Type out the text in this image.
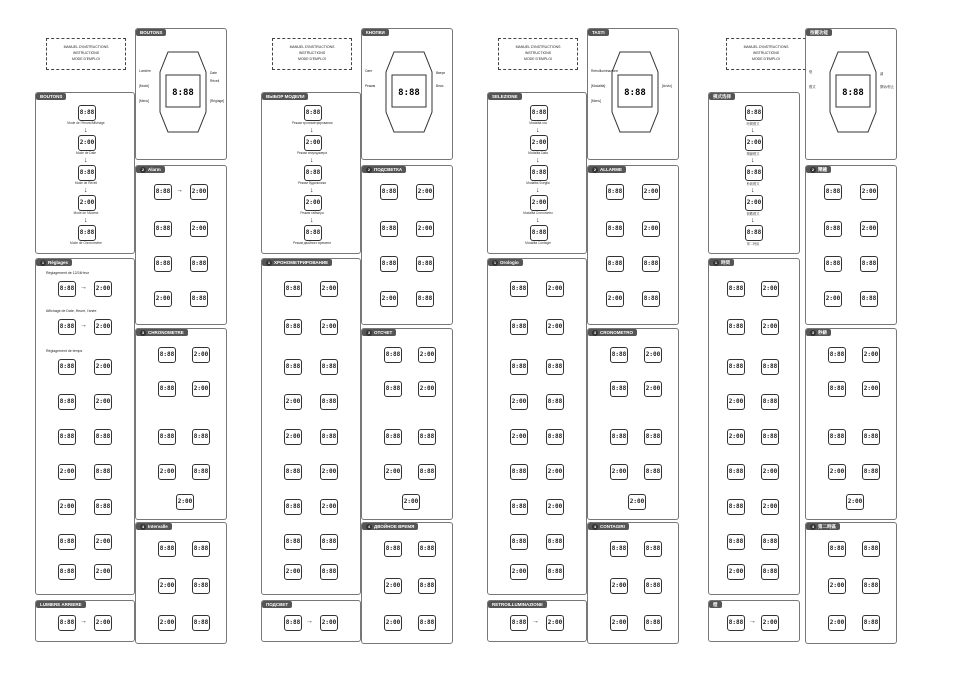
MANUEL D'INSTRUCTIONS
INSTRUCTIONS
MODE D'EMPLOI
BOUTONS
8:88
Mode de l'Heure/Affichage
↓
2:00
Mode de Date
↓
8:88
Mode de Réveil
↓
2:00
Mode de l'Alarme
↓
8:88
Mode de Chronomètre
1 Réglages
Réglagement de 12/24Heur
8:88 → 2:00
Affichage de Date, Heure, l'anée
8:88 → 2:00
Réglagement de temps
8:88	2:00
8:88	2:00
8:88	8:88
2:00	8:88
2:00	8:88
8:88	2:00
8:88	2:00
LUMIERE ARRIERE
8:88 → 2:00
BOUTONS
8:88
Lumière
[Mode]
[Menu]
Date
Réveil
[Réglage]
2 Alarm
8:88 → 2:00
8:88	2:00
8:88	8:88
2:00	8:88
3 CHRONOMETRE
8:88	2:00
8:88	2:00
8:88	8:88
2:00	8:88
2:00
4 Intervalle
8:88	8:88
2:00	8:88
2:00	8:88
MANUEL D'INSTRUCTIONS
INSTRUCTIONS
MODE D'EMPLOI
ВЫБОР МОДЕЛИ
8:88
Режим хронометрирования
↓
2:00
Режим секундомера
↓
8:88
Режим будильника
↓
2:00
Режим таймера
↓
8:88
Режим двойного времени
1 ХРОНОМЕТРИРОВАНИЕ
8:88	2:00
8:88	2:00
8:88	8:88
2:00	8:88
2:00	8:88
8:88	2:00
8:88	2:00
8:88	8:88
2:00	8:88
ПОДСВЕТ
8:88 → 2:00
КНОПКИ
8:88
Свет
Режим
Вверх
Вниз
2 ПОДСВЕТКА
8:88	2:00
8:88	2:00
8:88	8:88
2:00	8:88
3 ОТСЧЕТ
8:88	2:00
8:88	2:00
8:88	8:88
2:00	8:88
2:00
4 ДВОЙНОЕ ВРЕМЯ
8:88	8:88
2:00	8:88
2:00	8:88
MANUEL D'INSTRUCTIONS
INSTRUCTIONS
MODE D'EMPLOI
SELEZIONE
8:88
Modalità ora
↓
2:00
Modalità Data
↓
8:88
Modalità Sveglia
↓
2:00
Modalità Cronometro
↓
8:88
Modalità Contagiri
1 Orologio
8:88	2:00
8:88	2:00
8:88	8:88
2:00	8:88
2:00	8:88
8:88	2:00
8:88	2:00
8:88	8:88
2:00	8:88
RETROILLUMINAZIONE
8:88 → 2:00
TASTI
8:88
Retroilluminazione
[Modalità]
[Menu]
[Avvio]
2 ALLARME
8:88	2:00
8:88	2:00
8:88	8:88
2:00	8:88
3 CRONOMETRO
8:88	2:00
8:88	2:00
8:88	8:88
2:00	8:88
2:00
4 CONTAGIRI
8:88	8:88
2:00	8:88
2:00	8:88
MANUEL D'INSTRUCTIONS
INSTRUCTIONS
MODE D'EMPLOI
模式选择
8:88
時間模式
↓
2:00
鬧鐘模式
↓
8:88
秒錶模式
↓
2:00
倒數模式
↓
8:88
第二時區
1 時間
8:88	2:00
8:88	2:00
8:88	8:88
2:00	8:88
2:00	8:88
8:88	2:00
8:88	2:00
8:88	8:88
2:00	8:88
燈
8:88 → 2:00
按鍵功能
8:88
燈
模式
調
開始/停止
2 鬧鐘
8:88	2:00
8:88	2:00
8:88	8:88
2:00	8:88
3 秒錶
8:88	2:00
8:88	2:00
8:88	8:88
2:00	8:88
2:00
4 第二時區
8:88	8:88
2:00	8:88
2:00	8:88
